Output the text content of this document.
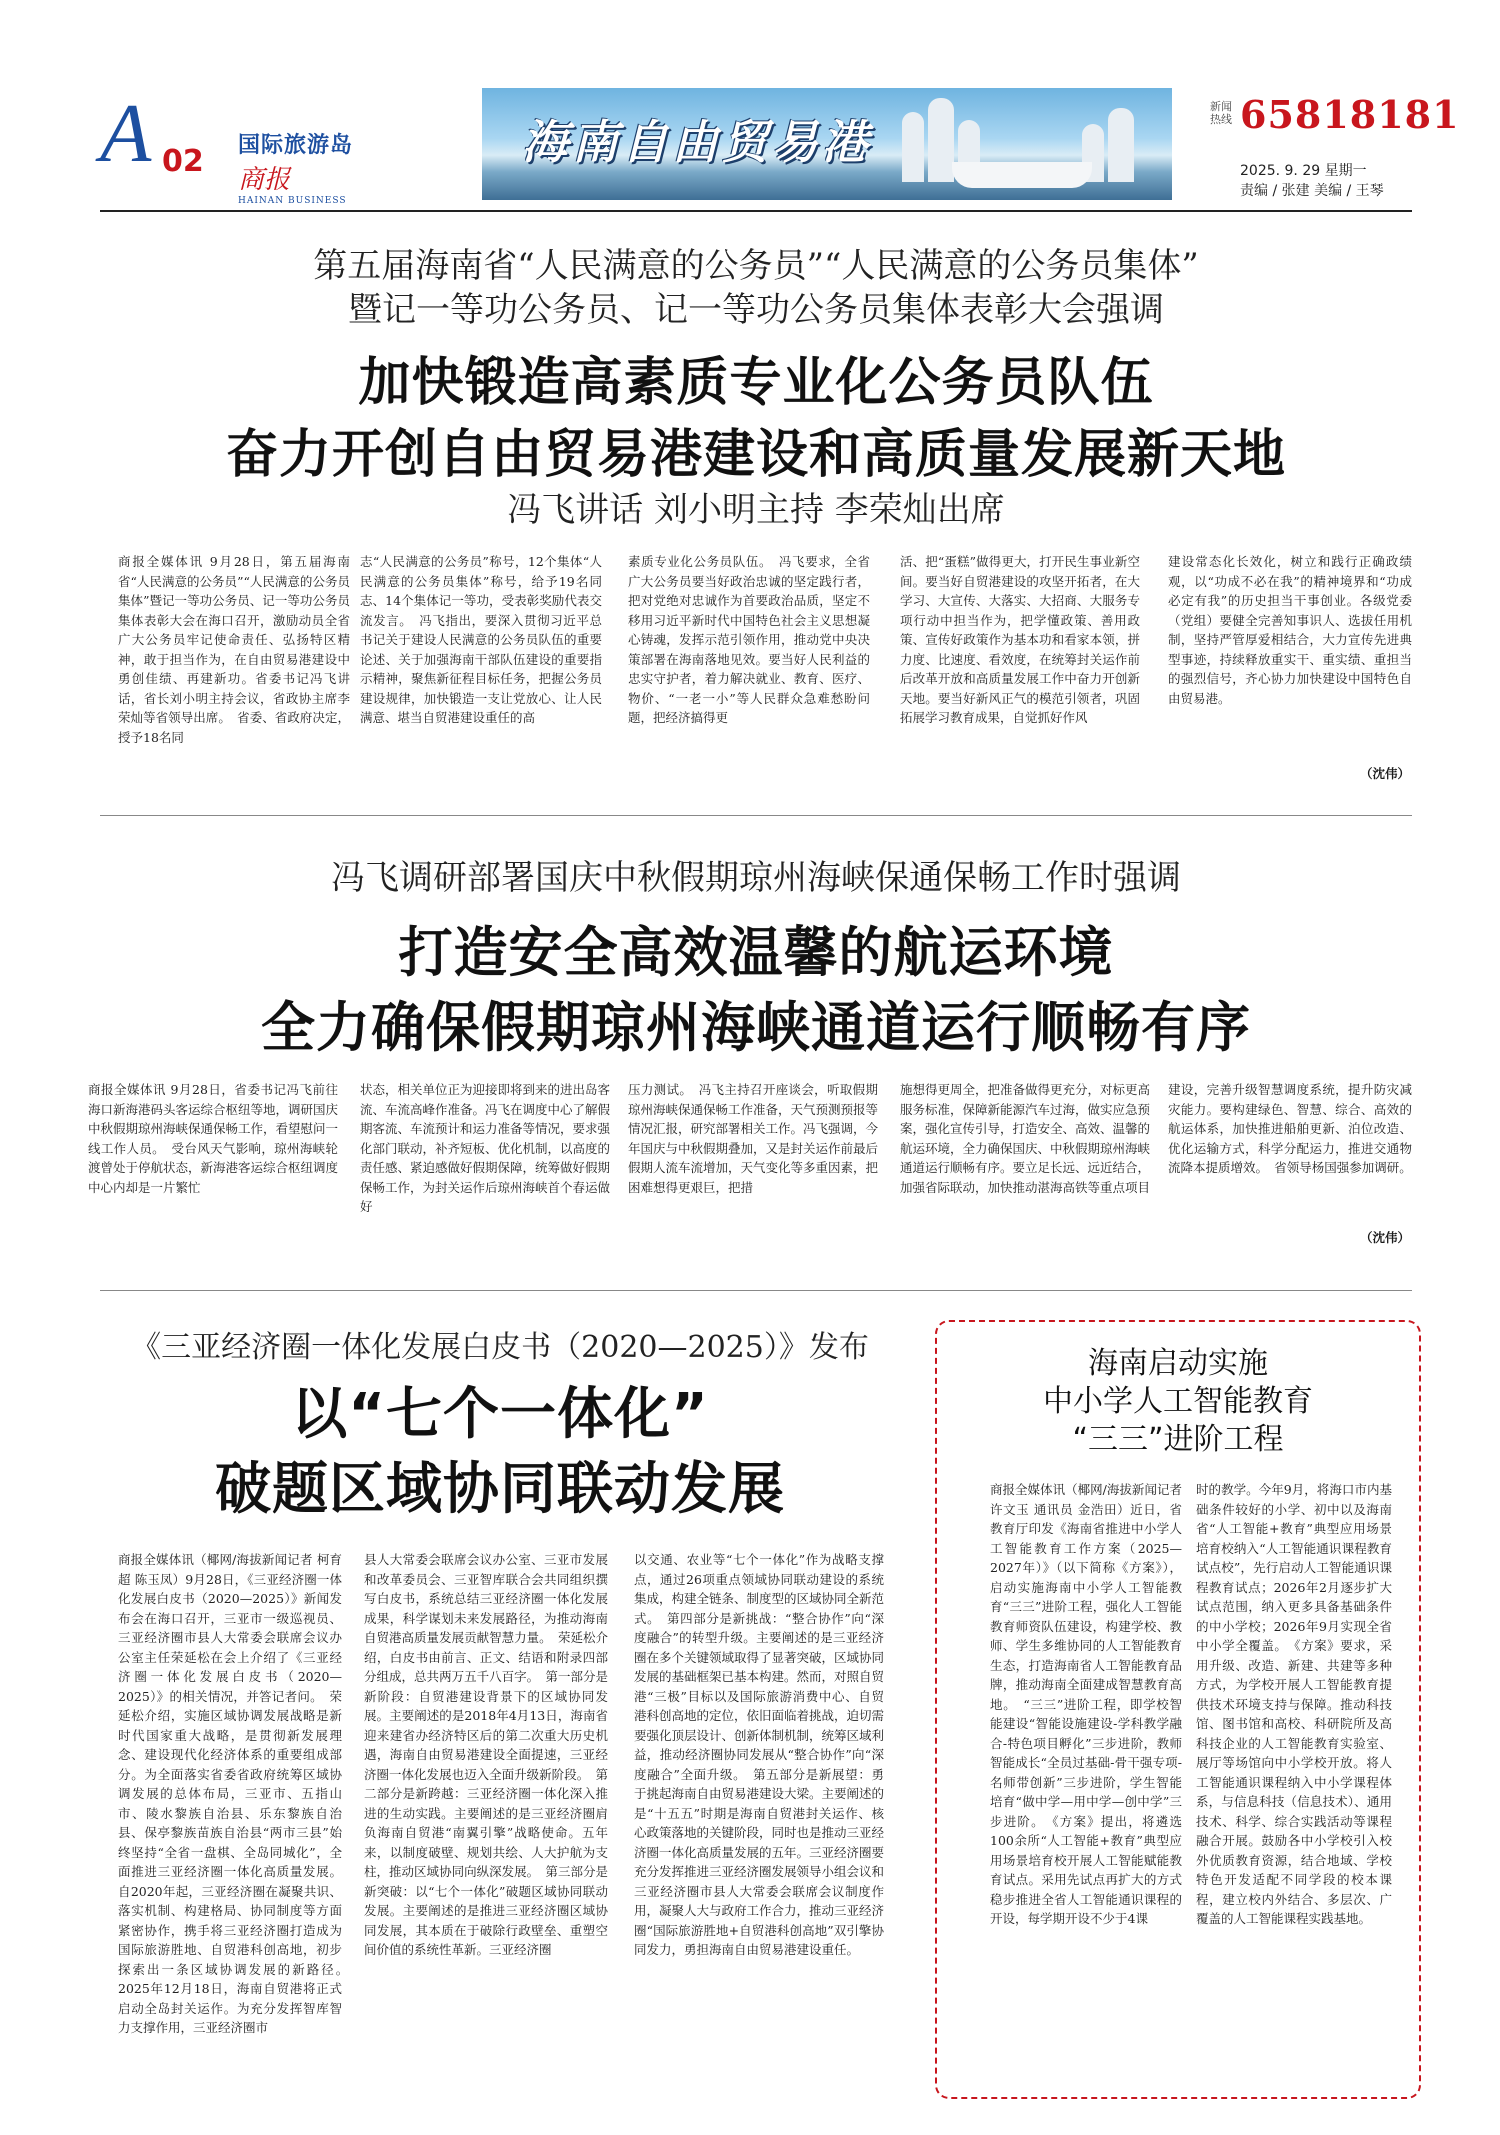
A 02 国际旅游岛商报
HAINAN BUSINESS
海南自由贸易港
新闻热线 65818181
2025. 9. 29 星期一
责编 / 张建 美编 / 王琴
第五届海南省“人民满意的公务员”“人民满意的公务员集体”
暨记一等功公务员、记一等功公务员集体表彰大会强调
加快锻造高素质专业化公务员队伍
奋力开创自由贸易港建设和高质量发展新天地
冯飞讲话 刘小明主持 李荣灿出席
商报全媒体讯 9月28日，第五届海南省“人民满意的公务员”“人民满意的公务员集体”暨记一等功公务员、记一等功公务员集体表彰大会在海口召开，激励动员全省广大公务员牢记使命责任、弘扬特区精神，敢于担当作为，在自由贸易港建设中勇创佳绩、再建新功。省委书记冯飞讲话，省长刘小明主持会议，省政协主席李荣灿等省领导出席。　省委、省政府决定，授予18名同
志“人民满意的公务员”称号，12个集体“人民满意的公务员集体”称号，给予19名同志、14个集体记一等功，受表彰奖励代表交流发言。　冯飞指出，要深入贯彻习近平总书记关于建设人民满意的公务员队伍的重要论述、关于加强海南干部队伍建设的重要指示精神，聚焦新征程目标任务，把握公务员建设规律，加快锻造一支让党放心、让人民满意、堪当自贸港建设重任的高
素质专业化公务员队伍。　冯飞要求，全省广大公务员要当好政治忠诚的坚定践行者，把对党绝对忠诚作为首要政治品质，坚定不移用习近平新时代中国特色社会主义思想凝心铸魂，发挥示范引领作用，推动党中央决策部署在海南落地见效。要当好人民利益的忠实守护者，着力解决就业、教育、医疗、物价、“一老一小”等人民群众急难愁盼问题，把经济搞得更
活、把“蛋糕”做得更大，打开民生事业新空间。要当好自贸港建设的攻坚开拓者，在大学习、大宣传、大落实、大招商、大服务专项行动中担当作为，把学懂政策、善用政策、宣传好政策作为基本功和看家本领，拼力度、比速度、看效度，在统筹封关运作前后改革开放和高质量发展工作中奋力开创新天地。要当好新风正气的模范引领者，巩固拓展学习教育成果，自觉抓好作风
建设常态化长效化，树立和践行正确政绩观，以“功成不必在我”的精神境界和“功成必定有我”的历史担当干事创业。各级党委（党组）要健全完善知事识人、选拔任用机制，坚持严管厚爱相结合，大力宣传先进典型事迹，持续释放重实干、重实绩、重担当的强烈信号，齐心协力加快建设中国特色自由贸易港。
（沈伟）
冯飞调研部署国庆中秋假期琼州海峡保通保畅工作时强调
打造安全高效温馨的航运环境
全力确保假期琼州海峡通道运行顺畅有序
商报全媒体讯 9月28日，省委书记冯飞前往海口新海港码头客运综合枢纽等地，调研国庆中秋假期琼州海峡保通保畅工作，看望慰问一线工作人员。　受台风天气影响，琼州海峡轮渡曾处于停航状态，新海港客运综合枢纽调度中心内却是一片繁忙
状态，相关单位正为迎接即将到来的进出岛客流、车流高峰作准备。冯飞在调度中心了解假期客流、车流预计和运力准备等情况，要求强化部门联动，补齐短板、优化机制，以高度的责任感、紧迫感做好假期保障，统筹做好假期保畅工作，为封关运作后琼州海峡首个春运做好
压力测试。　冯飞主持召开座谈会，听取假期琼州海峡保通保畅工作准备，天气预测预报等情况汇报，研究部署相关工作。冯飞强调，今年国庆与中秋假期叠加，又是封关运作前最后假期人流车流增加，天气变化等多重因素，把困难想得更艰巨，把措
施想得更周全，把准备做得更充分，对标更高服务标准，保障新能源汽车过海，做实应急预案，强化宣传引导，打造安全、高效、温馨的航运环境，全力确保国庆、中秋假期琼州海峡通道运行顺畅有序。要立足长远、远近结合，加强省际联动，加快推动湛海高铁等重点项目
建设，完善升级智慧调度系统，提升防灾减灾能力。要构建绿色、智慧、综合、高效的航运体系，加快推进船舶更新、泊位改造、优化运输方式，科学分配运力，推进交通物流降本提质增效。　省领导杨国强参加调研。
（沈伟）
《三亚经济圈一体化发展白皮书（2020—2025）》发布
以“七个一体化”
破题区域协同联动发展
商报全媒体讯（椰网/海拔新闻记者 柯育超 陈玉凤）9月28日，《三亚经济圈一体化发展白皮书（2020—2025）》新闻发布会在海口召开，三亚市一级巡视员、三亚经济圈市县人大常委会联席会议办公室主任荣延松在会上介绍了《三亚经济圈一体化发展白皮书（2020—2025）》的相关情况，并答记者问。　荣延松介绍，实施区域协调发展战略是新时代国家重大战略，是贯彻新发展理念、建设现代化经济体系的重要组成部分。为全面落实省委省政府统筹区域协调发展的总体布局，三亚市、五指山市、陵水黎族自治县、乐东黎族自治县、保亭黎族苗族自治县“两市三县”始终坚持“全省一盘棋、全岛同城化”，全面推进三亚经济圈一体化高质量发展。自2020年起，三亚经济圈在凝聚共识、落实机制、构建格局、协同制度等方面紧密协作，携手将三亚经济圈打造成为国际旅游胜地、自贸港科创高地，初步探索出一条区域协调发展的新路径。　2025年12月18日，海南自贸港将正式启动全岛封关运作。为充分发挥智库智力支撑作用，三亚经济圈市
县人大常委会联席会议办公室、三亚市发展和改革委员会、三亚智库联合会共同组织撰写白皮书，系统总结三亚经济圈一体化发展成果，科学谋划未来发展路径，为推动海南自贸港高质量发展贡献智慧力量。　荣延松介绍，白皮书由前言、正文、结语和附录四部分组成，总共两万五千八百字。　第一部分是新阶段：自贸港建设背景下的区域协同发展。主要阐述的是2018年4月13日，海南省迎来建省办经济特区后的第二次重大历史机遇，海南自由贸易港建设全面提速，三亚经济圈一体化发展也迈入全面升级新阶段。　第二部分是新跨越：三亚经济圈一体化深入推进的生动实践。主要阐述的是三亚经济圈肩负海南自贸港“南翼引擎”战略使命。五年来，以制度破壁、规划共绘、人大护航为支柱，推动区域协同向纵深发展。　第三部分是新突破：以“七个一体化”破题区域协同联动发展。主要阐述的是推进三亚经济圈区域协同发展，其本质在于破除行政壁垒、重塑空间价值的系统性革新。三亚经济圈
以交通、农业等“七个一体化”作为战略支撑点，通过26项重点领域协同联动建设的系统集成，构建全链条、制度型的区域协同全新范式。　第四部分是新挑战：“整合协作”向“深度融合”的转型升级。主要阐述的是三亚经济圈在多个关键领域取得了显著突破，区域协同发展的基础框架已基本构建。然而，对照自贸港“三极”目标以及国际旅游消费中心、自贸港科创高地的定位，依旧面临着挑战，迫切需要强化顶层设计、创新体制机制，统筹区域利益，推动经济圈协同发展从“整合协作”向“深度融合”全面升级。　第五部分是新展望：勇于挑起海南自由贸易港建设大梁。主要阐述的是“十五五”时期是海南自贸港封关运作、核心政策落地的关键阶段，同时也是推动三亚经济圈一体化高质量发展的五年。三亚经济圈要充分发挥推进三亚经济圈发展领导小组会议和三亚经济圈市县人大常委会联席会议制度作用，凝聚人大与政府工作合力，推动三亚经济圈“国际旅游胜地+自贸港科创高地”双引擎协同发力，勇担海南自由贸易港建设重任。
海南启动实施
中小学人工智能教育
“三三”进阶工程
商报全媒体讯（椰网/海拔新闻记者 许文玉 通讯员 金浩田）近日，省教育厅印发《海南省推进中小学人工智能教育工作方案（2025—2027年）》（以下简称《方案》），启动实施海南中小学人工智能教育“三三”进阶工程，强化人工智能教育师资队伍建设，构建学校、教师、学生多维协同的人工智能教育生态，打造海南省人工智能教育品牌，推动海南全面建成智慧教育高地。　“三三”进阶工程，即学校智能建设“智能设施建设-学科教学融合-特色项目孵化”三步进阶，教师智能成长“全员过基础-骨干强专项-名师带创新”三步进阶，学生智能培育“做中学—用中学—创中学”三步进阶。　《方案》提出，将遴选100余所“人工智能+教育”典型应用场景培育校开展人工智能赋能教育试点。采用先试点再扩大的方式稳步推进全省人工智能通识课程的开设，每学期开设不少于4课
时的教学。今年9月，将海口市内基础条件较好的小学、初中以及海南省“人工智能+教育”典型应用场景培育校纳入“人工智能通识课程教育试点校”，先行启动人工智能通识课程教育试点；2026年2月逐步扩大试点范围，纳入更多具备基础条件的中小学校；2026年9月实现全省中小学全覆盖。　《方案》要求，采用升级、改造、新建、共建等多种方式，为学校开展人工智能教育提供技术环境支持与保障。推动科技馆、图书馆和高校、科研院所及高科技企业的人工智能教育实验室、展厅等场馆向中小学校开放。将人工智能通识课程纳入中小学课程体系，与信息科技（信息技术）、通用技术、科学、综合实践活动等课程融合开展。鼓励各中小学校引入校外优质教育资源，结合地域、学校特色开发适配不同学段的校本课程，建立校内外结合、多层次、广覆盖的人工智能课程实践基地。
